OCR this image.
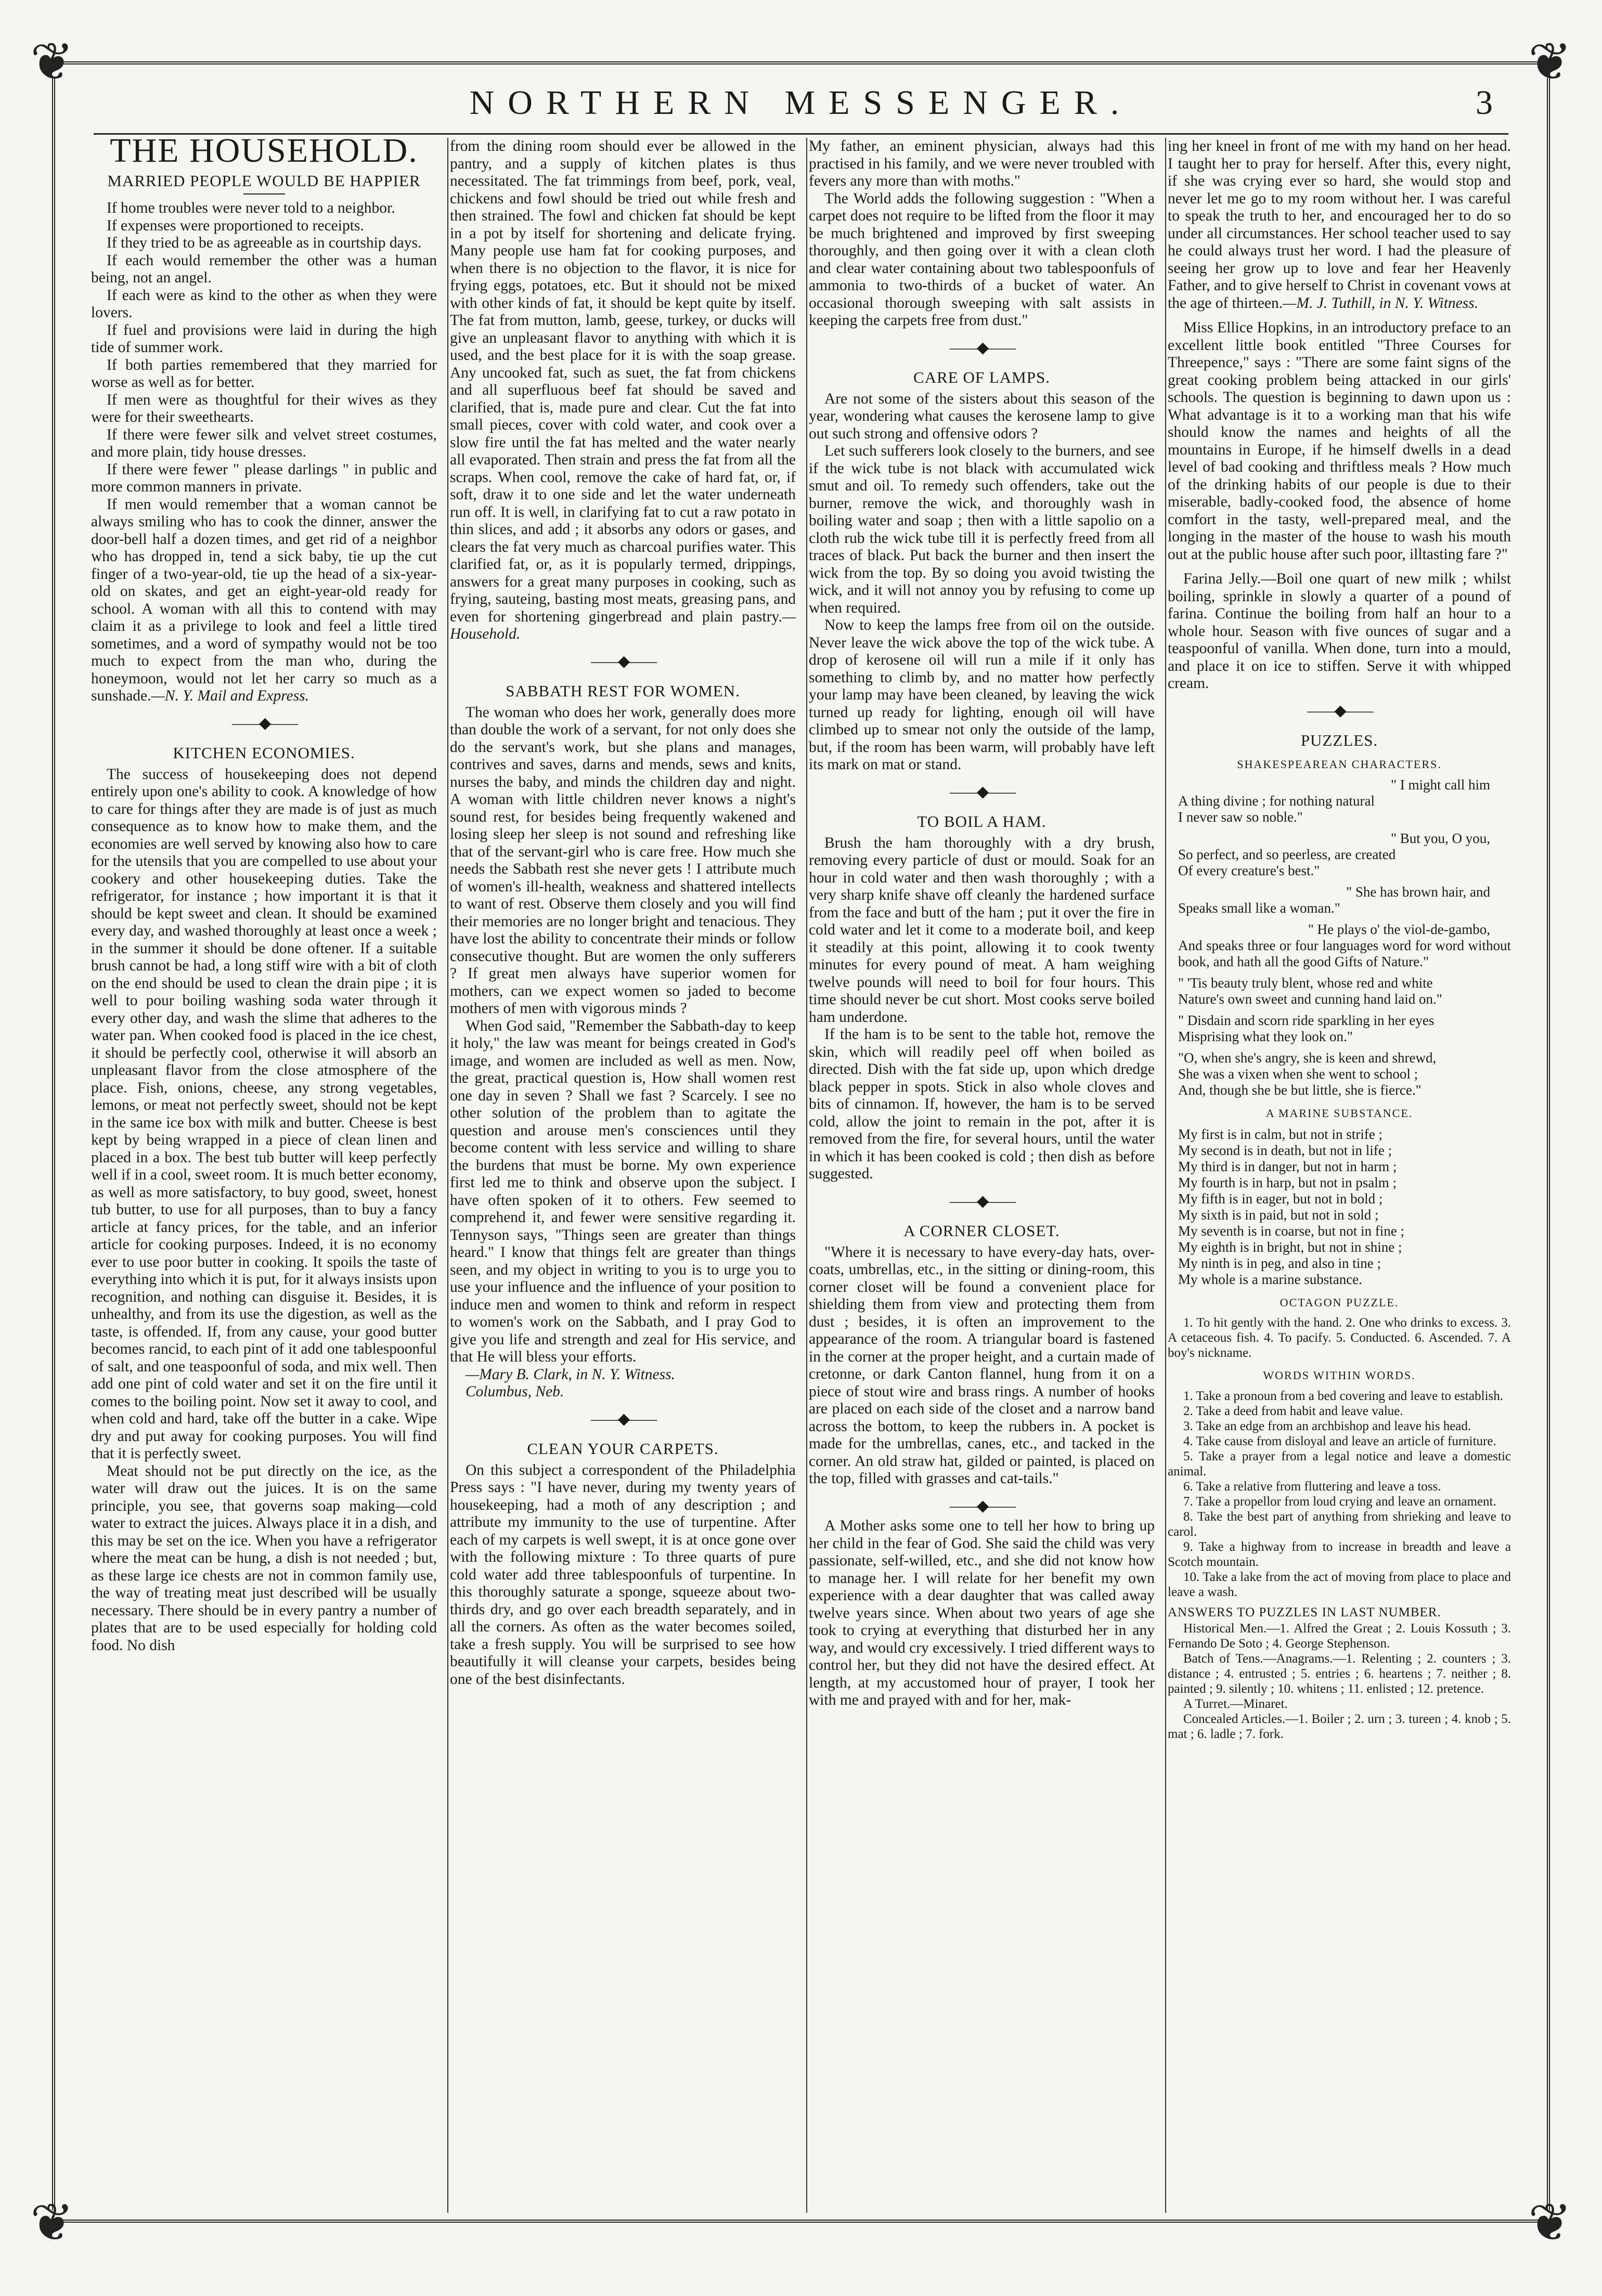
❦	❦
❦	❦
NORTHERN MESSENGER.	3
THE HOUSEHOLD.
MARRIED PEOPLE WOULD BE HAPPIER

If home troubles were never told to a neighbor.

If expenses were proportioned to receipts.

If they tried to be as agreeable as in courtship days.

If each would remember the other was a human being, not an angel.

If each were as kind to the other as when they were lovers.

If fuel and provisions were laid in during the high tide of summer work.

If both parties remembered that they married for worse as well as for better.

If men were as thoughtful for their wives as they were for their sweethearts.

If there were fewer silk and velvet street costumes, and more plain, tidy house dresses.

If there were fewer " please darlings " in public and more common manners in private.

If men would remember that a woman cannot be always smiling who has to cook the dinner, answer the door-bell half a dozen times, and get rid of a neighbor who has dropped in, tend a sick baby, tie up the cut finger of a two-year-old, tie up the head of a six-year-old on skates, and get an eight-year-old ready for school. A woman with all this to contend with may claim it as a privilege to look and feel a little tired sometimes, and a word of sympathy would not be too much to expect from the man who, during the honeymoon, would not let her carry so much as a sunshade.—N. Y. Mail and Express.

——◆——
KITCHEN ECONOMIES.

The success of housekeeping does not depend entirely upon one's ability to cook. A knowledge of how to care for things after they are made is of just as much consequence as to know how to make them, and the economies are well served by knowing also how to care for the utensils that you are compelled to use about your cookery and other housekeeping duties. Take the refrigerator, for instance ; how important it is that it should be kept sweet and clean. It should be examined every day, and washed thoroughly at least once a week ; in the summer it should be done oftener. If a suitable brush cannot be had, a long stiff wire with a bit of cloth on the end should be used to clean the drain pipe ; it is well to pour boiling washing soda water through it every other day, and wash the slime that adheres to the water pan. When cooked food is placed in the ice chest, it should be perfectly cool, otherwise it will absorb an unpleasant flavor from the close atmosphere of the place. Fish, onions, cheese, any strong vegetables, lemons, or meat not perfectly sweet, should not be kept in the same ice box with milk and butter. Cheese is best kept by being wrapped in a piece of clean linen and placed in a box. The best tub butter will keep perfectly well if in a cool, sweet room. It is much better economy, as well as more satisfactory, to buy good, sweet, honest tub butter, to use for all purposes, than to buy a fancy article at fancy prices, for the table, and an inferior article for cooking purposes. Indeed, it is no economy ever to use poor butter in cooking. It spoils the taste of everything into which it is put, for it always insists upon recognition, and nothing can disguise it. Besides, it is unhealthy, and from its use the digestion, as well as the taste, is offended. If, from any cause, your good butter becomes rancid, to each pint of it add one tablespoonful of salt, and one teaspoonful of soda, and mix well. Then add one pint of cold water and set it on the fire until it comes to the boiling point. Now set it away to cool, and when cold and hard, take off the butter in a cake. Wipe dry and put away for cooking purposes. You will find that it is perfectly sweet.

Meat should not be put directly on the ice, as the water will draw out the juices. It is on the same principle, you see, that governs soap making—cold water to extract the juices. Always place it in a dish, and this may be set on the ice. When you have a refrigerator where the meat can be hung, a dish is not needed ; but, as these large ice chests are not in common family use, the way of treating meat just described will be usually necessary. There should be in every pantry a number of plates that are to be used especially for holding cold food. No dish

from the dining room should ever be allowed in the pantry, and a supply of kitchen plates is thus necessitated. The fat trimmings from beef, pork, veal, chickens and fowl should be tried out while fresh and then strained. The fowl and chicken fat should be kept in a pot by itself for shortening and delicate frying. Many people use ham fat for cooking purposes, and when there is no objection to the flavor, it is nice for frying eggs, potatoes, etc. But it should not be mixed with other kinds of fat, it should be kept quite by itself. The fat from mutton, lamb, geese, turkey, or ducks will give an unpleasant flavor to anything with which it is used, and the best place for it is with the soap grease. Any uncooked fat, such as suet, the fat from chickens and all superfluous beef fat should be saved and clarified, that is, made pure and clear. Cut the fat into small pieces, cover with cold water, and cook over a slow fire until the fat has melted and the water nearly all evaporated. Then strain and press the fat from all the scraps. When cool, remove the cake of hard fat, or, if soft, draw it to one side and let the water underneath run off. It is well, in clarifying fat to cut a raw potato in thin slices, and add ; it absorbs any odors or gases, and clears the fat very much as charcoal purifies water. This clarified fat, or, as it is popularly termed, drippings, answers for a great many purposes in cooking, such as frying, sauteing, basting most meats, greasing pans, and even for shortening gingerbread and plain pastry.—Household.

——◆——
SABBATH REST FOR WOMEN.

The woman who does her work, generally does more than double the work of a servant, for not only does she do the servant's work, but she plans and manages, contrives and saves, darns and mends, sews and knits, nurses the baby, and minds the children day and night. A woman with little children never knows a night's sound rest, for besides being frequently wakened and losing sleep her sleep is not sound and refreshing like that of the servant-girl who is care free. How much she needs the Sabbath rest she never gets ! I attribute much of women's ill-health, weakness and shattered intellects to want of rest. Observe them closely and you will find their memories are no longer bright and tenacious. They have lost the ability to concentrate their minds or follow consecutive thought. But are women the only sufferers ? If great men always have superior women for mothers, can we expect women so jaded to become mothers of men with vigorous minds ?

When God said, "Remember the Sabbath-day to keep it holy," the law was meant for beings created in God's image, and women are included as well as men. Now, the great, practical question is, How shall women rest one day in seven ? Shall we fast ? Scarcely. I see no other solution of the problem than to agitate the question and arouse men's consciences until they become content with less service and willing to share the burdens that must be borne. My own experience first led me to think and observe upon the subject. I have often spoken of it to others. Few seemed to comprehend it, and fewer were sensitive regarding it. Tennyson says, "Things seen are greater than things heard." I know that things felt are greater than things seen, and my object in writing to you is to urge you to use your influence and the influence of your position to induce men and women to think and reform in respect to women's work on the Sabbath, and I pray God to give you life and strength and zeal for His service, and that He will bless your efforts.

—Mary B. Clark, in N. Y. Witness.

Columbus, Neb.

——◆——
CLEAN YOUR CARPETS.

On this subject a correspondent of the Philadelphia Press says : "I have never, during my twenty years of housekeeping, had a moth of any description ; and attribute my immunity to the use of turpentine. After each of my carpets is well swept, it is at once gone over with the following mixture : To three quarts of pure cold water add three tablespoonfuls of turpentine. In this thoroughly saturate a sponge, squeeze about two-thirds dry, and go over each breadth separately, and in all the corners. As often as the water becomes soiled, take a fresh supply. You will be surprised to see how beautifully it will cleanse your carpets, besides being one of the best disinfectants.

My father, an eminent physician, always had this practised in his family, and we were never troubled with fevers any more than with moths."

The World adds the following suggestion : "When a carpet does not require to be lifted from the floor it may be much brightened and improved by first sweeping thoroughly, and then going over it with a clean cloth and clear water containing about two tablespoonfuls of ammonia to two-thirds of a bucket of water. An occasional thorough sweeping with salt assists in keeping the carpets free from dust."

——◆——
CARE OF LAMPS.

Are not some of the sisters about this season of the year, wondering what causes the kerosene lamp to give out such strong and offensive odors ?

Let such sufferers look closely to the burners, and see if the wick tube is not black with accumulated wick smut and oil. To remedy such offenders, take out the burner, remove the wick, and thoroughly wash in boiling water and soap ; then with a little sapolio on a cloth rub the wick tube till it is perfectly freed from all traces of black. Put back the burner and then insert the wick from the top. By so doing you avoid twisting the wick, and it will not annoy you by refusing to come up when required.

Now to keep the lamps free from oil on the outside. Never leave the wick above the top of the wick tube. A drop of kerosene oil will run a mile if it only has something to climb by, and no matter how perfectly your lamp may have been cleaned, by leaving the wick turned up ready for lighting, enough oil will have climbed up to smear not only the outside of the lamp, but, if the room has been warm, will probably have left its mark on mat or stand.

——◆——
TO BOIL A HAM.

Brush the ham thoroughly with a dry brush, removing every particle of dust or mould. Soak for an hour in cold water and then wash thoroughly ; with a very sharp knife shave off cleanly the hardened surface from the face and butt of the ham ; put it over the fire in cold water and let it come to a moderate boil, and keep it steadily at this point, allowing it to cook twenty minutes for every pound of meat. A ham weighing twelve pounds will need to boil for four hours. This time should never be cut short. Most cooks serve boiled ham underdone.

If the ham is to be sent to the table hot, remove the skin, which will readily peel off when boiled as directed. Dish with the fat side up, upon which dredge black pepper in spots. Stick in also whole cloves and bits of cinnamon. If, however, the ham is to be served cold, allow the joint to remain in the pot, after it is removed from the fire, for several hours, until the water in which it has been cooked is cold ; then dish as before suggested.

——◆——
A CORNER CLOSET.

"Where it is necessary to have every-day hats, over-coats, umbrellas, etc., in the sitting or dining-room, this corner closet will be found a convenient place for shielding them from view and protecting them from dust ; besides, it is often an improvement to the appearance of the room. A triangular board is fastened in the corner at the proper height, and a curtain made of cretonne, or dark Canton flannel, hung from it on a piece of stout wire and brass rings. A number of hooks are placed on each side of the closet and a narrow band across the bottom, to keep the rubbers in. A pocket is made for the umbrellas, canes, etc., and tacked in the corner. An old straw hat, gilded or painted, is placed on the top, filled with grasses and cat-tails."

——◆——

A Mother asks some one to tell her how to bring up her child in the fear of God. She said the child was very passionate, self-willed, etc., and she did not know how to manage her. I will relate for her benefit my own experience with a dear daughter that was called away twelve years since. When about two years of age she took to crying at everything that disturbed her in any way, and would cry excessively. I tried different ways to control her, but they did not have the desired effect. At length, at my accustomed hour of prayer, I took her with me and prayed with and for her, mak-

ing her kneel in front of me with my hand on her head. I taught her to pray for herself. After this, every night, if she was crying ever so hard, she would stop and never let me go to my room without her. I was careful to speak the truth to her, and encouraged her to do so under all circumstances. Her school teacher used to say he could always trust her word. I had the pleasure of seeing her grow up to love and fear her Heavenly Father, and to give herself to Christ in covenant vows at the age of thirteen.—M. J. Tuthill, in N. Y. Witness.

Miss Ellice Hopkins, in an introductory preface to an excellent little book entitled "Three Courses for Threepence," says : "There are some faint signs of the great cooking problem being attacked in our girls' schools. The question is beginning to dawn upon us : What advantage is it to a working man that his wife should know the names and heights of all the mountains in Europe, if he himself dwells in a dead level of bad cooking and thriftless meals ? How much of the drinking habits of our people is due to their miserable, badly-cooked food, the absence of home comfort in the tasty, well-prepared meal, and the longing in the master of the house to wash his mouth out at the public house after such poor, illtasting fare ?"

Farina Jelly.—Boil one quart of new milk ; whilst boiling, sprinkle in slowly a quarter of a pound of farina. Continue the boiling from half an hour to a whole hour. Season with five ounces of sugar and a teaspoonful of vanilla. When done, turn into a mould, and place it on ice to stiffen. Serve it with whipped cream.

——◆——
PUZZLES.
SHAKESPEAREAN CHARACTERS.
" I might call him
A thing divine ; for nothing natural
I never saw so noble."
" But you, O you,
So perfect, and so peerless, are created
Of every creature's best."
" She has brown hair, and
Speaks small like a woman."
" He plays o' the viol-de-gambo,
And speaks three or four languages word for word without book, and hath all the good Gifts of Nature."
" 'Tis beauty truly blent, whose red and white
Nature's own sweet and cunning hand laid on."
" Disdain and scorn ride sparkling in her eyes
Misprising what they look on."
"O, when she's angry, she is keen and shrewd,
She was a vixen when she went to school ;
And, though she be but little, she is fierce."
A MARINE SUBSTANCE.
My first is in calm, but not in strife ;
My second is in death, but not in life ;
My third is in danger, but not in harm ;
My fourth is in harp, but not in psalm ;
My fifth is in eager, but not in bold ;
My sixth is in paid, but not in sold ;
My seventh is in coarse, but not in fine ;
My eighth is in bright, but not in shine ;
My ninth is in peg, and also in tine ;
My whole is a marine substance.
OCTAGON PUZZLE.

1. To hit gently with the hand. 2. One who drinks to excess. 3. A cetaceous fish. 4. To pacify. 5. Conducted. 6. Ascended. 7. A boy's nickname.

WORDS WITHIN WORDS.

1. Take a pronoun from a bed covering and leave to establish.

2. Take a deed from habit and leave value.

3. Take an edge from an archbishop and leave his head.

4. Take cause from disloyal and leave an article of furniture.

5. Take a prayer from a legal notice and leave a domestic animal.

6. Take a relative from fluttering and leave a toss.

7. Take a propellor from loud crying and leave an ornament.

8. Take the best part of anything from shrieking and leave to carol.

9. Take a highway from to increase in breadth and leave a Scotch mountain.

10. Take a lake from the act of moving from place to place and leave a wash.

ANSWERS TO PUZZLES IN LAST NUMBER.

Historical Men.—1. Alfred the Great ; 2. Louis Kossuth ; 3. Fernando De Soto ; 4. George Stephenson.

Batch of Tens.—Anagrams.—1. Relenting ; 2. counters ; 3. distance ; 4. entrusted ; 5. entries ; 6. heartens ; 7. neither ; 8. painted ; 9. silently ; 10. whitens ; 11. enlisted ; 12. pretence.

A Turret.—Minaret.

Concealed Articles.—1. Boiler ; 2. urn ; 3. tureen ; 4. knob ; 5. mat ; 6. ladle ; 7. fork.
